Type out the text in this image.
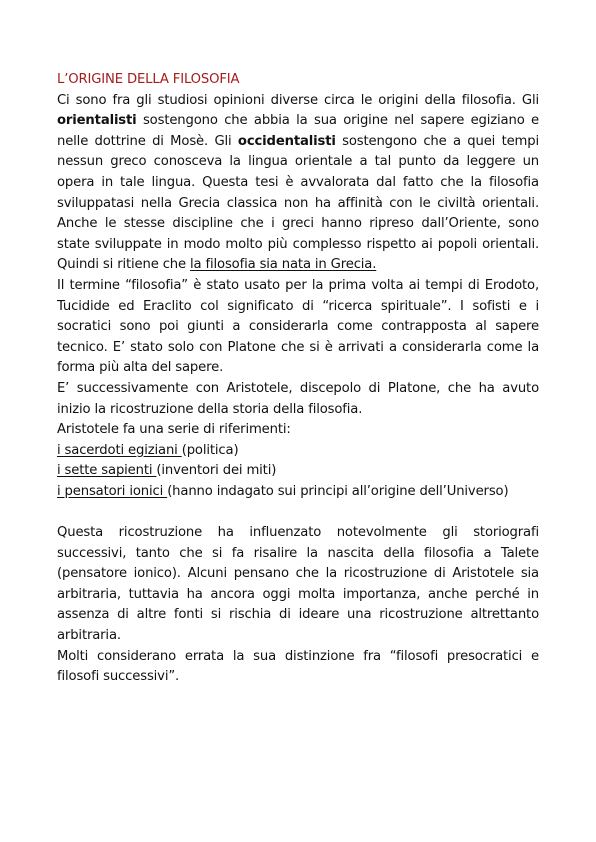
L’ORIGINE DELLA FILOSOFIA
Ci sono fra gli studiosi opinioni diverse circa le origini della filosofia. Gli orientalisti sostengono che abbia la sua origine nel sapere egiziano e nelle dottrine di Mosè. Gli occidentalisti sostengono che a quei tempi nessun greco conosceva la lingua orientale a tal punto da leggere un opera in tale lingua. Questa tesi è avvalorata dal fatto che la filosofia sviluppatasi nella Grecia classica non ha affinità con le civiltà orientali. Anche le stesse discipline che i greci hanno ripreso dall’Oriente, sono state sviluppate in modo molto più complesso rispetto ai popoli orientali. Quindi si ritiene che la filosofia sia nata in Grecia.
Il termine “filosofia” è stato usato per la prima volta ai tempi di Erodoto, Tucidide ed Eraclito col significato di “ricerca spirituale”. I sofisti e i socratici sono poi giunti a considerarla come contrapposta al sapere tecnico. E’ stato solo con Platone che si è arrivati a considerarla come la forma più alta del sapere.
E’ successivamente con Aristotele, discepolo di Platone, che ha avuto inizio la ricostruzione della storia della filosofia.
Aristotele fa una serie di riferimenti:
i sacerdoti egiziani (politica)
i sette sapienti (inventori dei miti)
i pensatori ionici (hanno indagato sui principi all’origine dell’Universo)
Questa ricostruzione ha influenzato notevolmente gli storiografi successivi, tanto che si fa risalire la nascita della filosofia a Talete (pensatore ionico). Alcuni pensano che la ricostruzione di Aristotele sia arbitraria, tuttavia ha ancora oggi molta importanza, anche perché in assenza di altre fonti si rischia di ideare una ricostruzione altrettanto arbitraria.
Molti considerano errata la sua distinzione fra “filosofi presocratici e filosofi successivi”.
